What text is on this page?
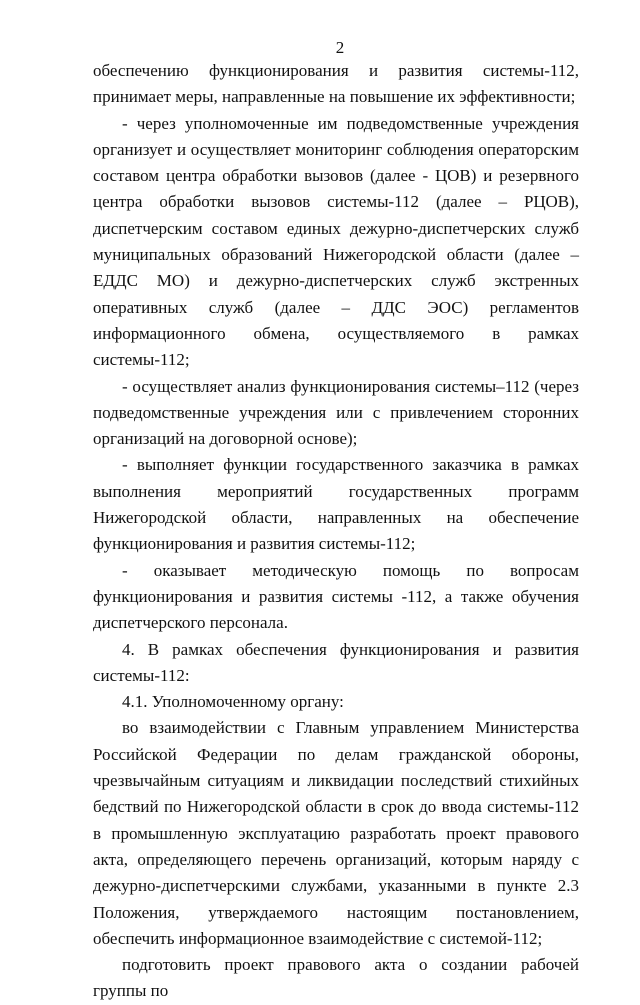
2

обеспечению функционирования и развития системы-112, принимает меры, направленные на повышение их эффективности;

- через уполномоченные им подведомственные учреждения организует и осуществляет мониторинг соблюдения операторским составом центра обработки вызовов (далее - ЦОВ) и резервного центра обработки вызовов системы-112 (далее – РЦОВ), диспетчерским составом единых дежурно-диспетчерских служб муниципальных образований Нижегородской области (далее – ЕДДС МО) и дежурно-диспетчерских служб экстренных оперативных служб (далее – ДДС ЭОС) регламентов информационного обмена, осуществляемого в рамках системы-112;

- осуществляет анализ функционирования системы–112 (через подведомственные учреждения или с привлечением сторонних организаций на договорной основе);

- выполняет функции государственного заказчика в рамках выполнения мероприятий государственных программ Нижегородской области, направленных на обеспечение функционирования и развития системы-112;

- оказывает методическую помощь по вопросам функционирования и развития системы -112, а также обучения диспетчерского персонала.

4. В рамках обеспечения функционирования и развития системы-112:

4.1. Уполномоченному органу:

во взаимодействии с Главным управлением Министерства Российской Федерации по делам гражданской обороны, чрезвычайным ситуациям и ликвидации последствий стихийных бедствий по Нижегородской области в срок до ввода системы-112 в промышленную эксплуатацию разработать проект правового акта, определяющего перечень организаций, которым наряду с дежурно-диспетчерскими службами, указанными в пункте 2.3 Положения, утверждаемого настоящим постановлением, обеспечить информационное взаимодействие с системой-112;

подготовить проект правового акта о создании рабочей группы по
